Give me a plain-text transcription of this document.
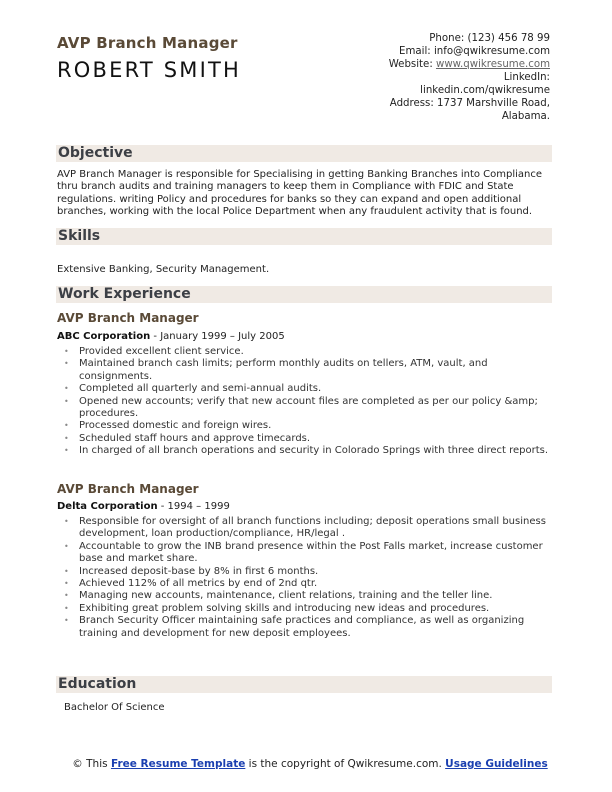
AVP Branch Manager
ROBERT SMITH
Phone: (123) 456 78 99
Email: info@qwikresume.com
Website: www.qwikresume.com
LinkedIn:
linkedin.com/qwikresume
Address: 1737 Marshville Road,
Alabama.
Objective
AVP Branch Manager is responsible for Specialising in getting Banking Branches into Compliance thru branch audits and training managers to keep them in Compliance with FDIC and State regulations. writing Policy and procedures for banks so they can expand and open additional branches, working with the local Police Department when any fraudulent activity that is found.
Skills
Extensive Banking, Security Management.
Work Experience
AVP Branch Manager
ABC Corporation - January 1999 – July 2005
• Provided excellent client service.
• Maintained branch cash limits; perform monthly audits on tellers, ATM, vault, and consignments.
• Completed all quarterly and semi-annual audits.
• Opened new accounts; verify that new account files are completed as per our policy &amp; procedures.
• Processed domestic and foreign wires.
• Scheduled staff hours and approve timecards.
• In charged of all branch operations and security in Colorado Springs with three direct reports.
AVP Branch Manager
Delta Corporation - 1994 – 1999
• Responsible for oversight of all branch functions including; deposit operations small business development, loan production/compliance, HR/legal .
• Accountable to grow the INB brand presence within the Post Falls market, increase customer base and market share.
• Increased deposit-base by 8% in first 6 months.
• Achieved 112% of all metrics by end of 2nd qtr.
• Managing new accounts, maintenance, client relations, training and the teller line.
• Exhibiting great problem solving skills and introducing new ideas and procedures.
• Branch Security Officer maintaining safe practices and compliance, as well as organizing training and development for new deposit employees.
Education
Bachelor Of Science
© This Free Resume Template is the copyright of Qwikresume.com. Usage Guidelines
